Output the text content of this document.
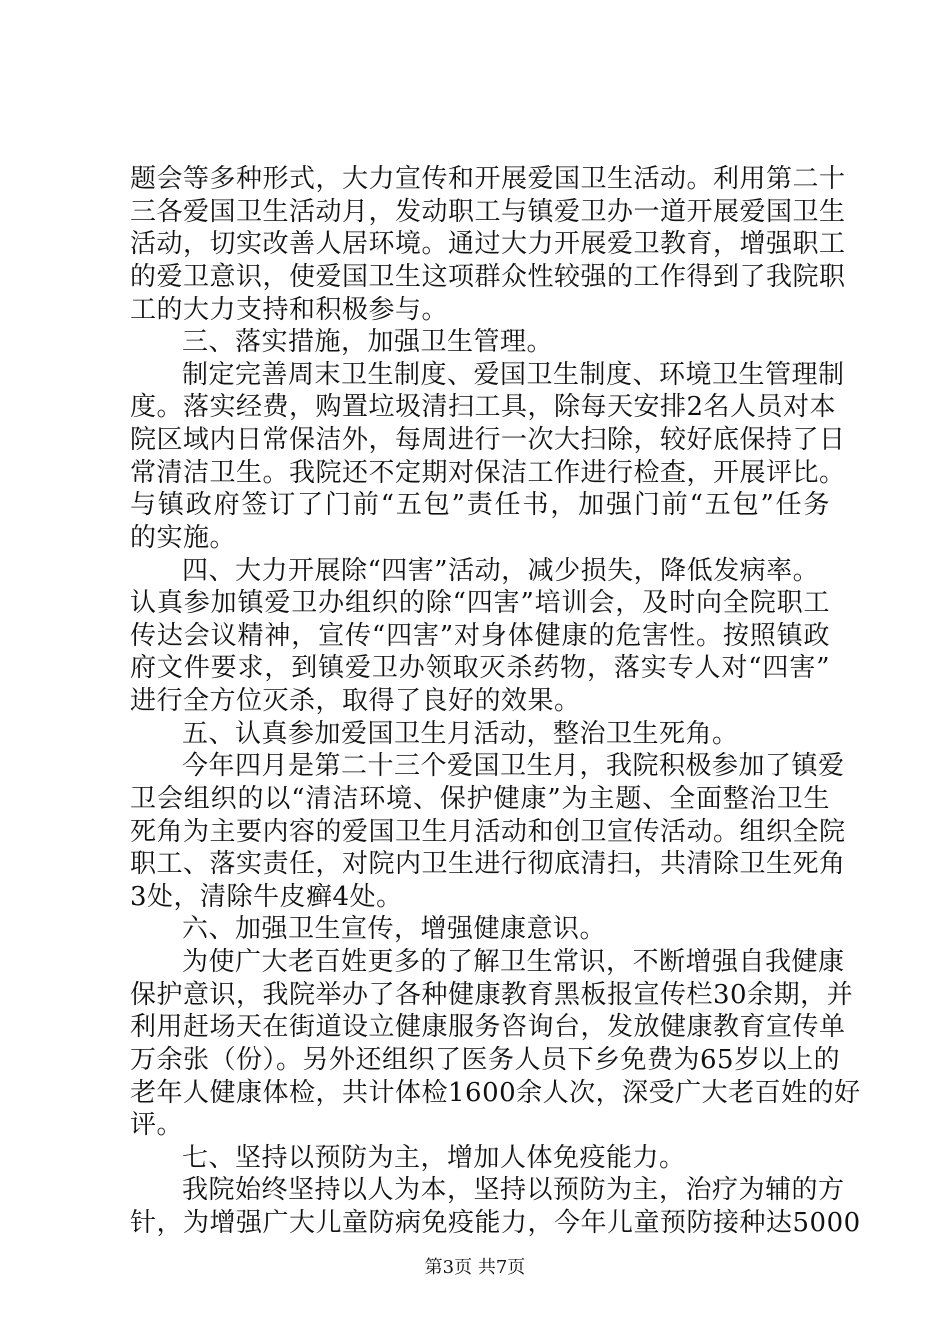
题会等多种形式，大力宣传和开展爱国卫生活动。利用第二十
三各爱国卫生活动月，发动职工与镇爱卫办一道开展爱国卫生
活动，切实改善人居环境。通过大力开展爱卫教育，增强职工
的爱卫意识，使爱国卫生这项群众性较强的工作得到了我院职
工的大力支持和积极参与。
三、落实措施，加强卫生管理。
制定完善周末卫生制度、爱国卫生制度、环境卫生管理制
度。落实经费，购置垃圾清扫工具，除每天安排2名人员对本
院区域内日常保洁外，每周进行一次大扫除，较好底保持了日
常清洁卫生。我院还不定期对保洁工作进行检查，开展评比。
与镇政府签订了门前“五包”责任书，加强门前“五包”任务
的实施。
四、大力开展除“四害”活动，减少损失，降低发病率。
认真参加镇爱卫办组织的除“四害”培训会，及时向全院职工
传达会议精神，宣传“四害”对身体健康的危害性。按照镇政
府文件要求，到镇爱卫办领取灭杀药物，落实专人对“四害”
进行全方位灭杀，取得了良好的效果。
五、认真参加爱国卫生月活动，整治卫生死角。
今年四月是第二十三个爱国卫生月，我院积极参加了镇爱
卫会组织的以“清洁环境、保护健康”为主题、全面整治卫生
死角为主要内容的爱国卫生月活动和创卫宣传活动。组织全院
职工、落实责任，对院内卫生进行彻底清扫，共清除卫生死角
3处，清除牛皮癣4处。
六、加强卫生宣传，增强健康意识。
为使广大老百姓更多的了解卫生常识，不断增强自我健康
保护意识，我院举办了各种健康教育黑板报宣传栏30余期，并
利用赶场天在街道设立健康服务咨询台，发放健康教育宣传单
万余张（份）。另外还组织了医务人员下乡免费为65岁以上的
老年人健康体检，共计体检1600余人次，深受广大老百姓的好
评。
七、坚持以预防为主，增加人体免疫能力。
我院始终坚持以人为本，坚持以预防为主，治疗为辅的方
针，为增强广大儿童防病免疫能力，今年儿童预防接种达5000
第3页 共7页
